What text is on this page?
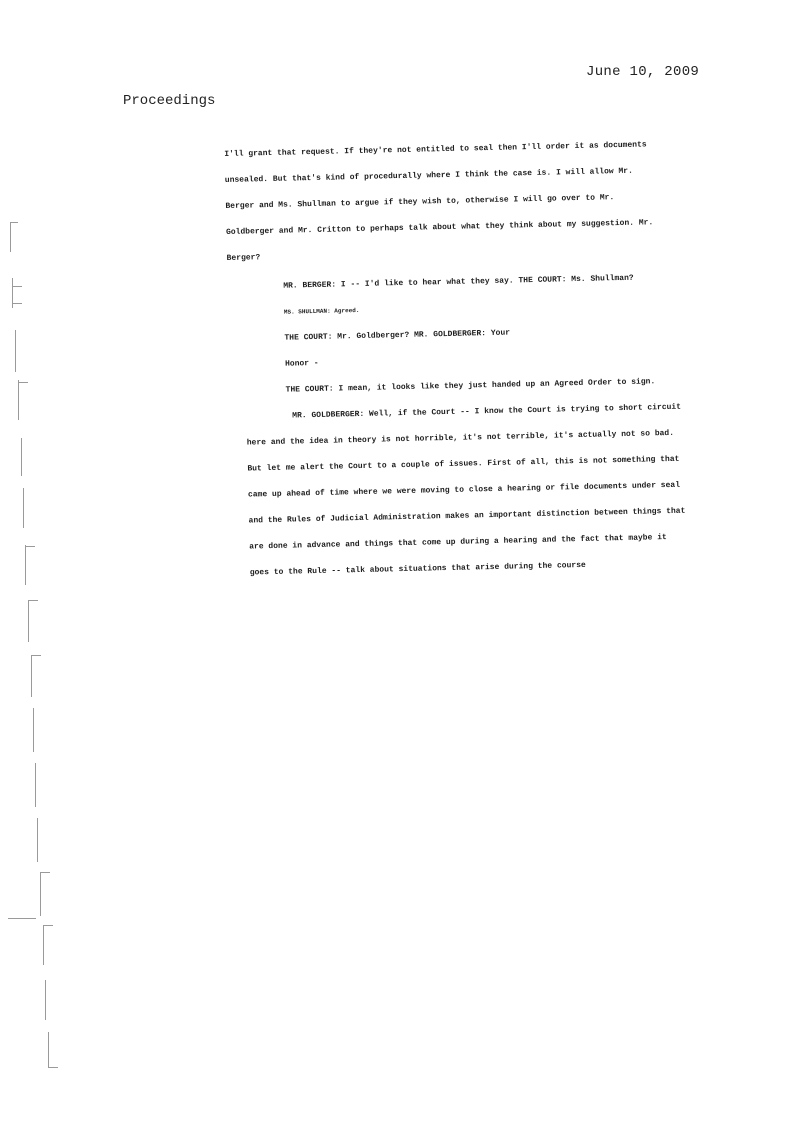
June 10, 2009
Proceedings
I'll grant that request. If they're not entitled to seal then I'll order it as documents
unsealed. But that's kind of procedurally where I think the case is. I will allow Mr.
Berger and Ms. Shullman to argue if they wish to, otherwise I will go over to Mr.
Goldberger and Mr. Critton to perhaps talk about what they think about my suggestion. Mr.
Berger?
MR. BERGER: I -- I'd like to hear what they say. THE COURT: Ms. Shullman?
MS. SHULLMAN: Agreed.
THE COURT: Mr. Goldberger? MR. GOLDBERGER: Your
Honor -
THE COURT: I mean, it looks like they just handed up an Agreed Order to sign.
MR. GOLDBERGER: Well, if the Court -- I know the Court is trying to short circuit
here and the idea in theory is not horrible, it's not terrible, it's actually not so bad.
But let me alert the Court to a couple of issues. First of all, this is not something that
came up ahead of time where we were moving to close a hearing or file documents under seal
and the Rules of Judicial Administration makes an important distinction between things that
are done in advance and things that come up during a hearing and the fact that maybe it
goes to the Rule -- talk about situations that arise during the course
